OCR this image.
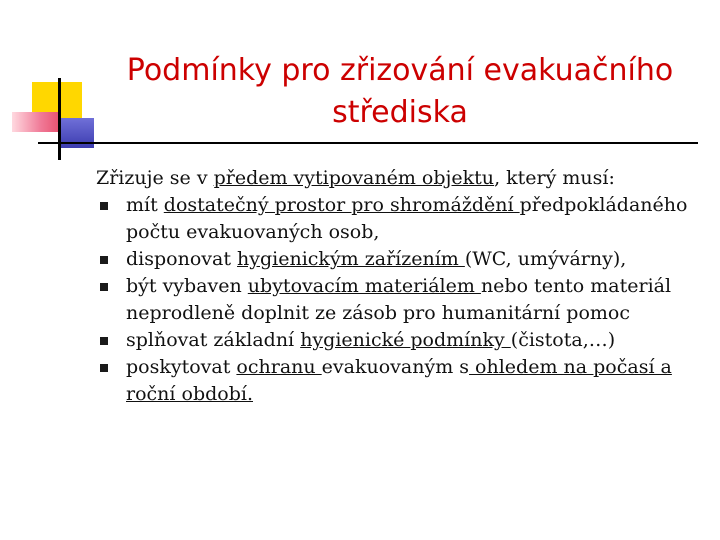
Podmínky pro zřizování evakuačního
střediska

Zřizuje se v předem vytipovaném objektu, který musí:

mít dostatečný prostor pro shromáždění předpokládaného počtu evakuovaných osob,
disponovat hygienickým zařízením (WC, umývárny),
být vybaven ubytovacím materiálem nebo tento materiál neprodleně doplnit ze zásob pro humanitární pomoc
splňovat základní hygienické podmínky (čistota,…)
poskytovat ochranu evakuovaným s ohledem na počasí a roční období.
